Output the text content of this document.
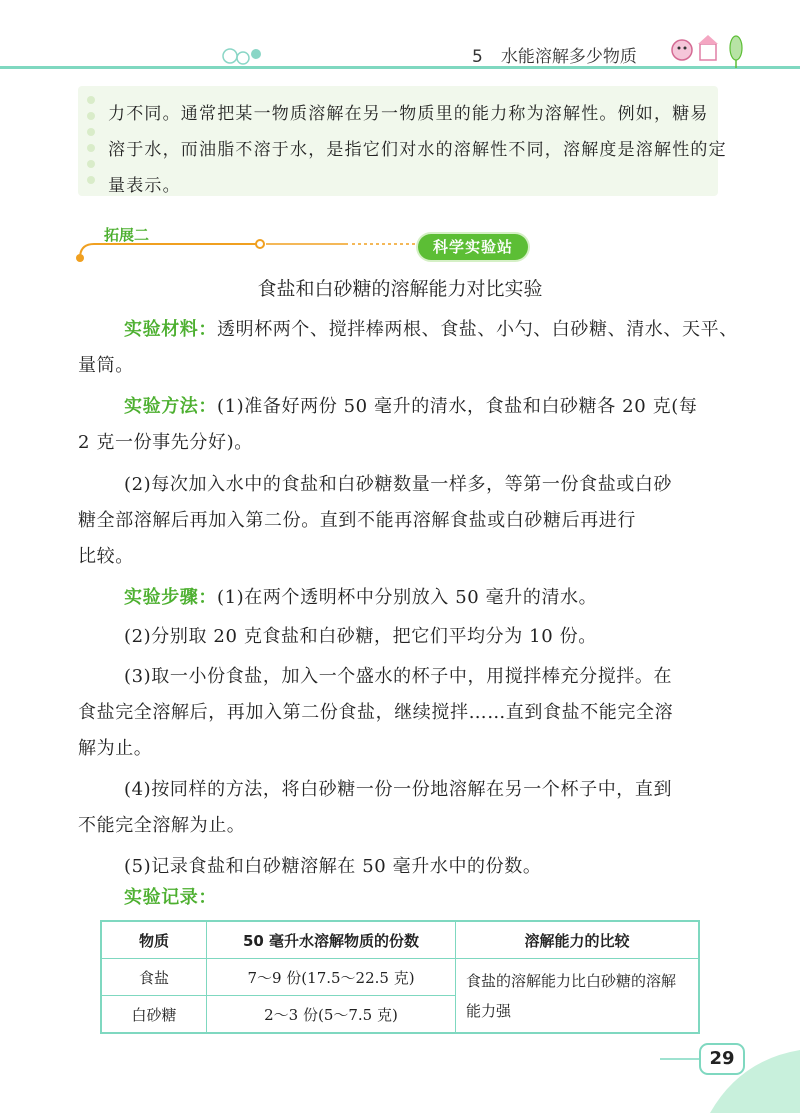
5 水能溶解多少物质
力不同。通常把某一物质溶解在另一物质里的能力称为溶解性。例如，糖易
溶于水，而油脂不溶于水，是指它们对水的溶解性不同，溶解度是溶解性的定
量表示。
拓展二
科学实验站
食盐和白砂糖的溶解能力对比实验
实验材料：透明杯两个、搅拌棒两根、食盐、小勺、白砂糖、清水、天平、
量筒。
实验方法：(1)准备好两份 50 毫升的清水，食盐和白砂糖各 20 克(每
2 克一份事先分好)。
(2)每次加入水中的食盐和白砂糖数量一样多，等第一份食盐或白砂
糖全部溶解后再加入第二份。直到不能再溶解食盐或白砂糖后再进行
比较。
实验步骤：(1)在两个透明杯中分别放入 50 毫升的清水。
(2)分别取 20 克食盐和白砂糖，把它们平均分为 10 份。
(3)取一小份食盐，加入一个盛水的杯子中，用搅拌棒充分搅拌。在
食盐完全溶解后，再加入第二份食盐，继续搅拌……直到食盐不能完全溶
解为止。
(4)按同样的方法，将白砂糖一份一份地溶解在另一个杯子中，直到
不能完全溶解为止。
(5)记录食盐和白砂糖溶解在 50 毫升水中的份数。
实验记录：
物质	50 毫升水溶解物质的份数	溶解能力的比较
食盐	7～9 份(17.5～22.5 克)	食盐的溶解能力比白砂糖的溶解能力强
白砂糖	2～3 份(5～7.5 克)	
29
